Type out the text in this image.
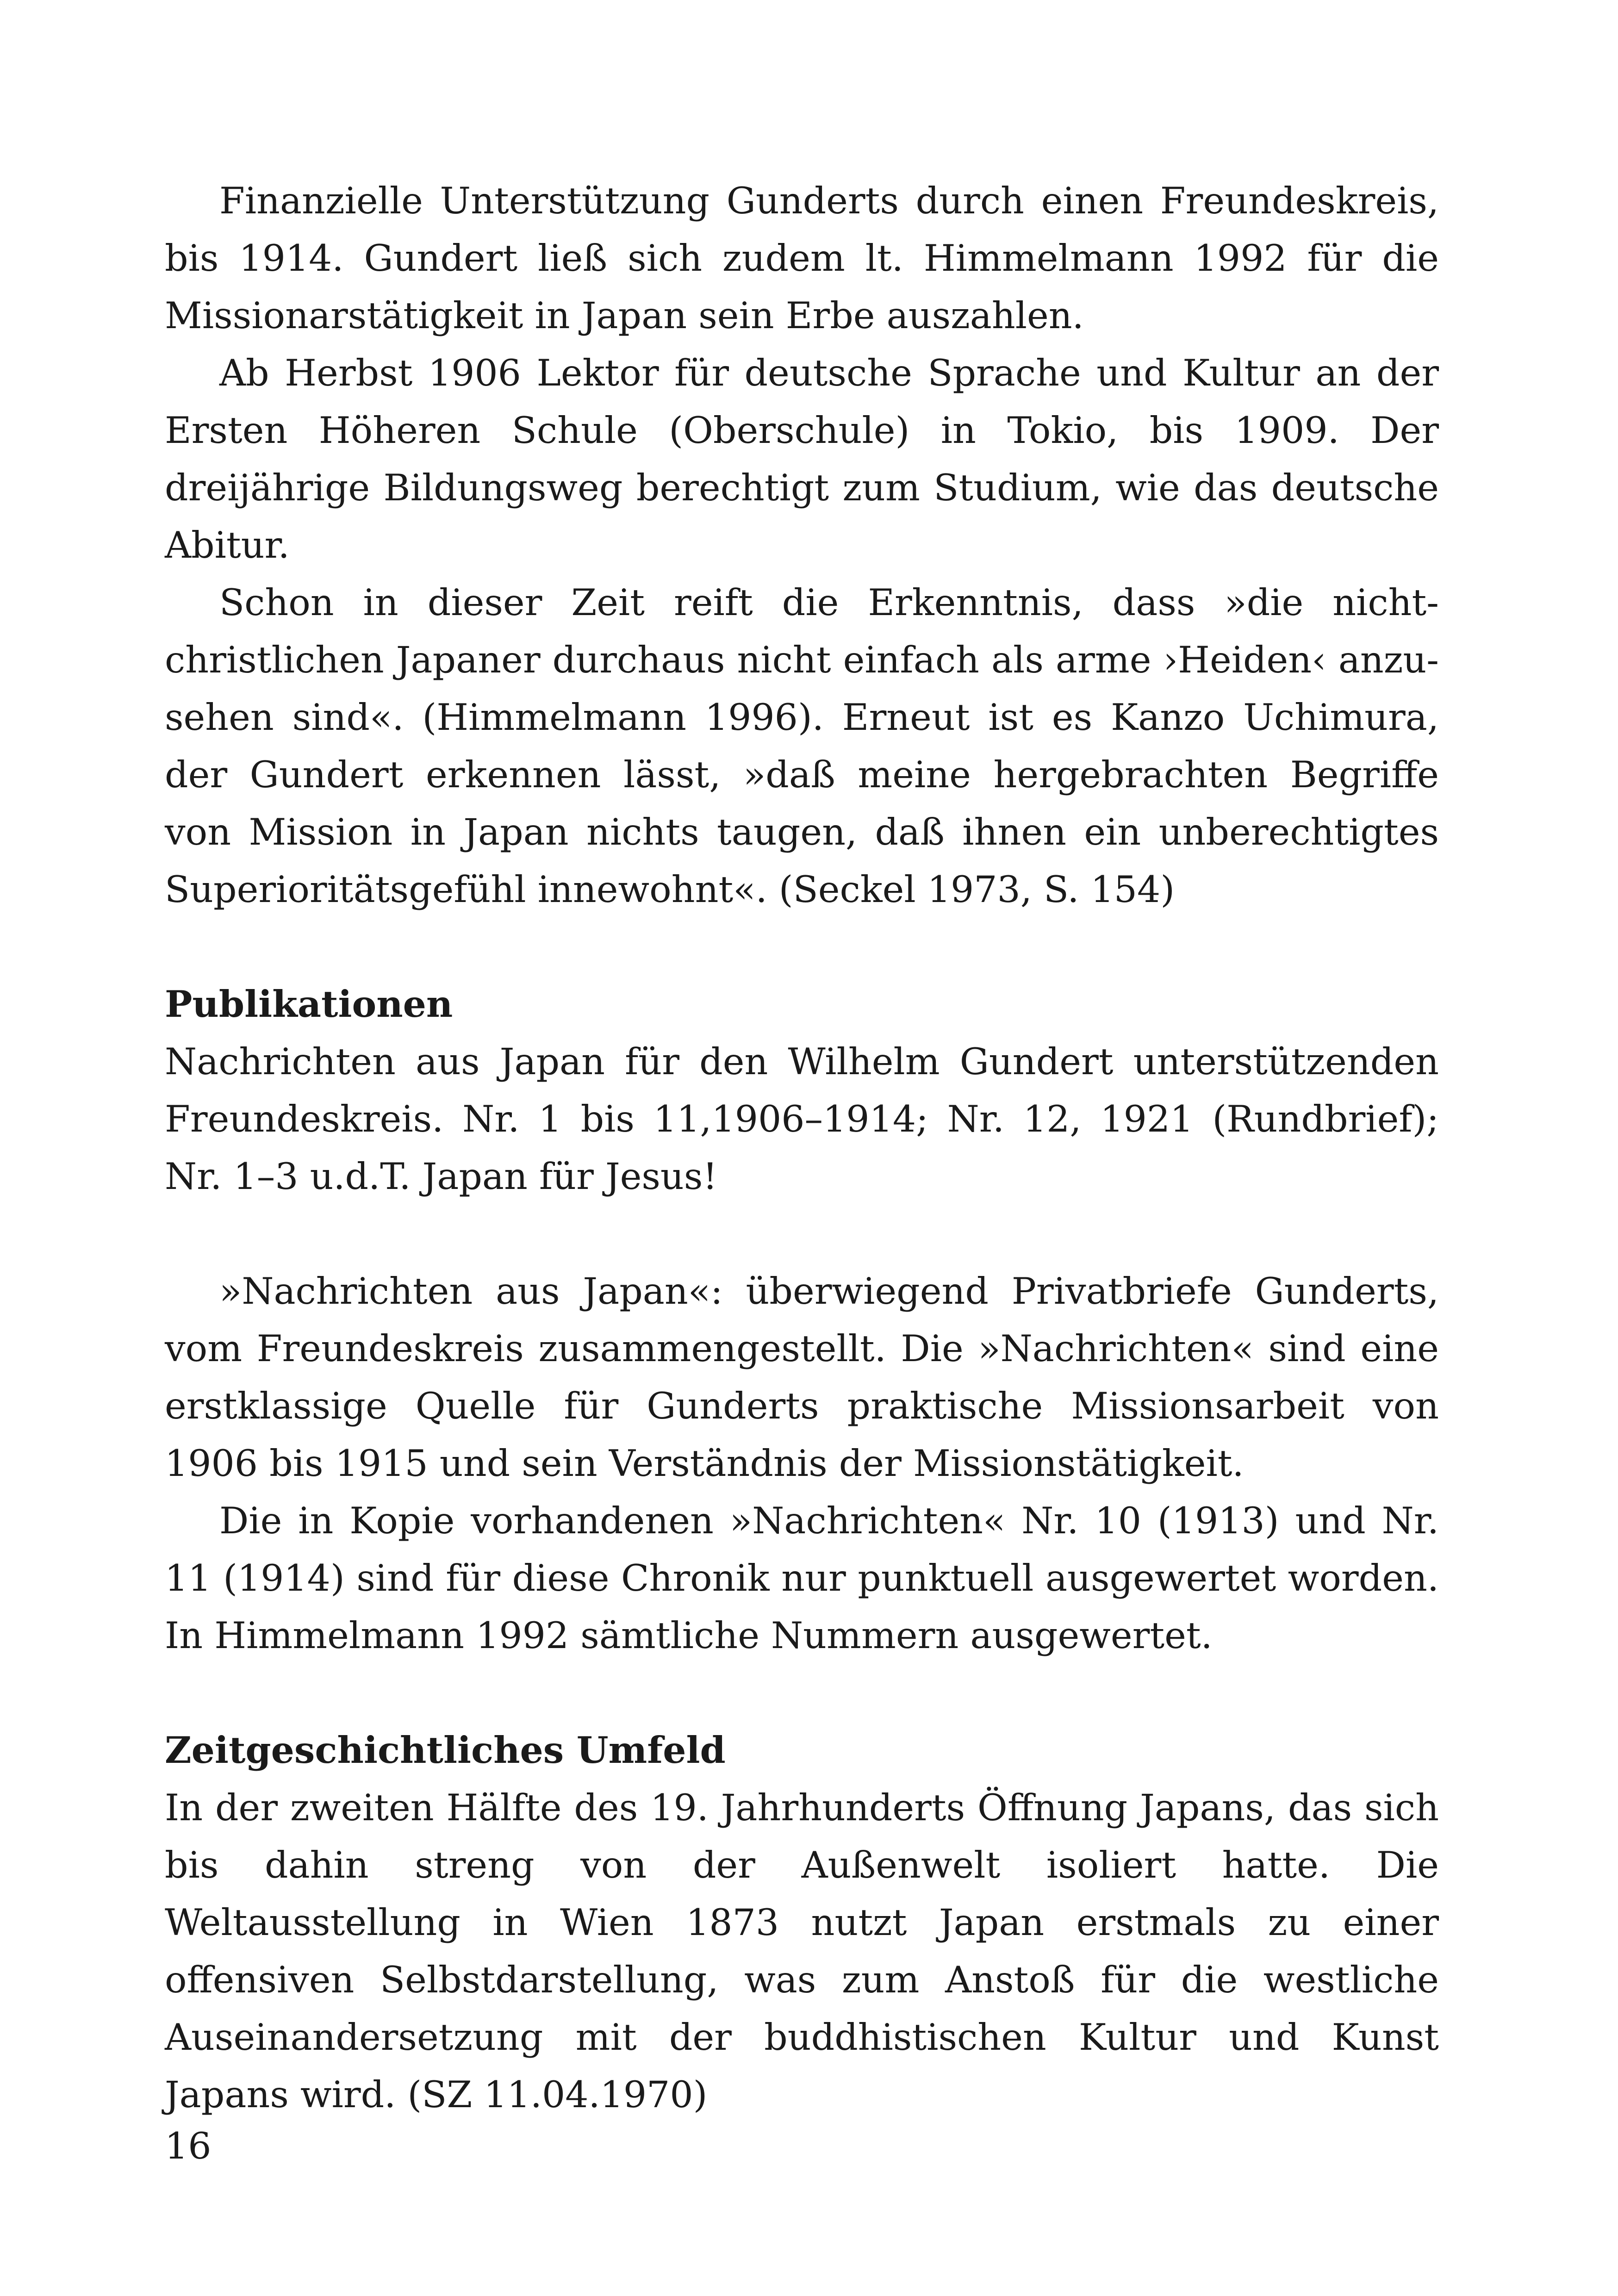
Finanzielle Unterstützung Gunderts durch einen Freundeskreis, bis 1914. Gundert ließ sich zudem lt. Himmelmann 1992 für die Missionarstätigkeit in Japan sein Erbe auszahlen.

Ab Herbst 1906 Lektor für deutsche Sprache und Kultur an der Ersten Höheren Schule (Oberschule) in Tokio, bis 1909. Der dreijährige Bildungsweg berechtigt zum Studium, wie das deutsche Abitur.

Schon in dieser Zeit reift die Erkenntnis, dass »die nichtchristlichen Japaner durchaus nicht einfach als arme ›Heiden‹ anzusehen sind«. (Himmelmann 1996). Erneut ist es Kanzo Uchimura, der Gundert erkennen lässt, »daß meine hergebrachten Begriffe von Mission in Japan nichts taugen, daß ihnen ein unberechtigtes Superioritätsgefühl innewohnt«. (Seckel 1973, S. 154)

Publikationen

Nachrichten aus Japan für den Wilhelm Gundert unterstützenden Freundeskreis. Nr. 1 bis 11,1906–1914; Nr. 12, 1921 (Rundbrief); Nr. 1–3 u.d.T. Japan für Jesus!

»Nachrichten aus Japan«: überwiegend Privatbriefe Gunderts, vom Freundeskreis zusammengestellt. Die »Nachrichten« sind eine erstklassige Quelle für Gunderts praktische Missionsarbeit von 1906 bis 1915 und sein Verständnis der Missionstätigkeit.

Die in Kopie vorhandenen »Nachrichten« Nr. 10 (1913) und Nr. 11 (1914) sind für diese Chronik nur punktuell ausgewertet worden. In Himmelmann 1992 sämtliche Nummern ausgewertet.

Zeitgeschichtliches Umfeld

In der zweiten Hälfte des 19. Jahrhunderts Öffnung Japans, das sich bis dahin streng von der Außenwelt isoliert hatte. Die Weltausstellung in Wien 1873 nutzt Japan erstmals zu einer offensiven Selbstdarstellung, was zum Anstoß für die westliche Auseinandersetzung mit der buddhistischen Kultur und Kunst Japans wird. (SZ 11.04.1970)

16
